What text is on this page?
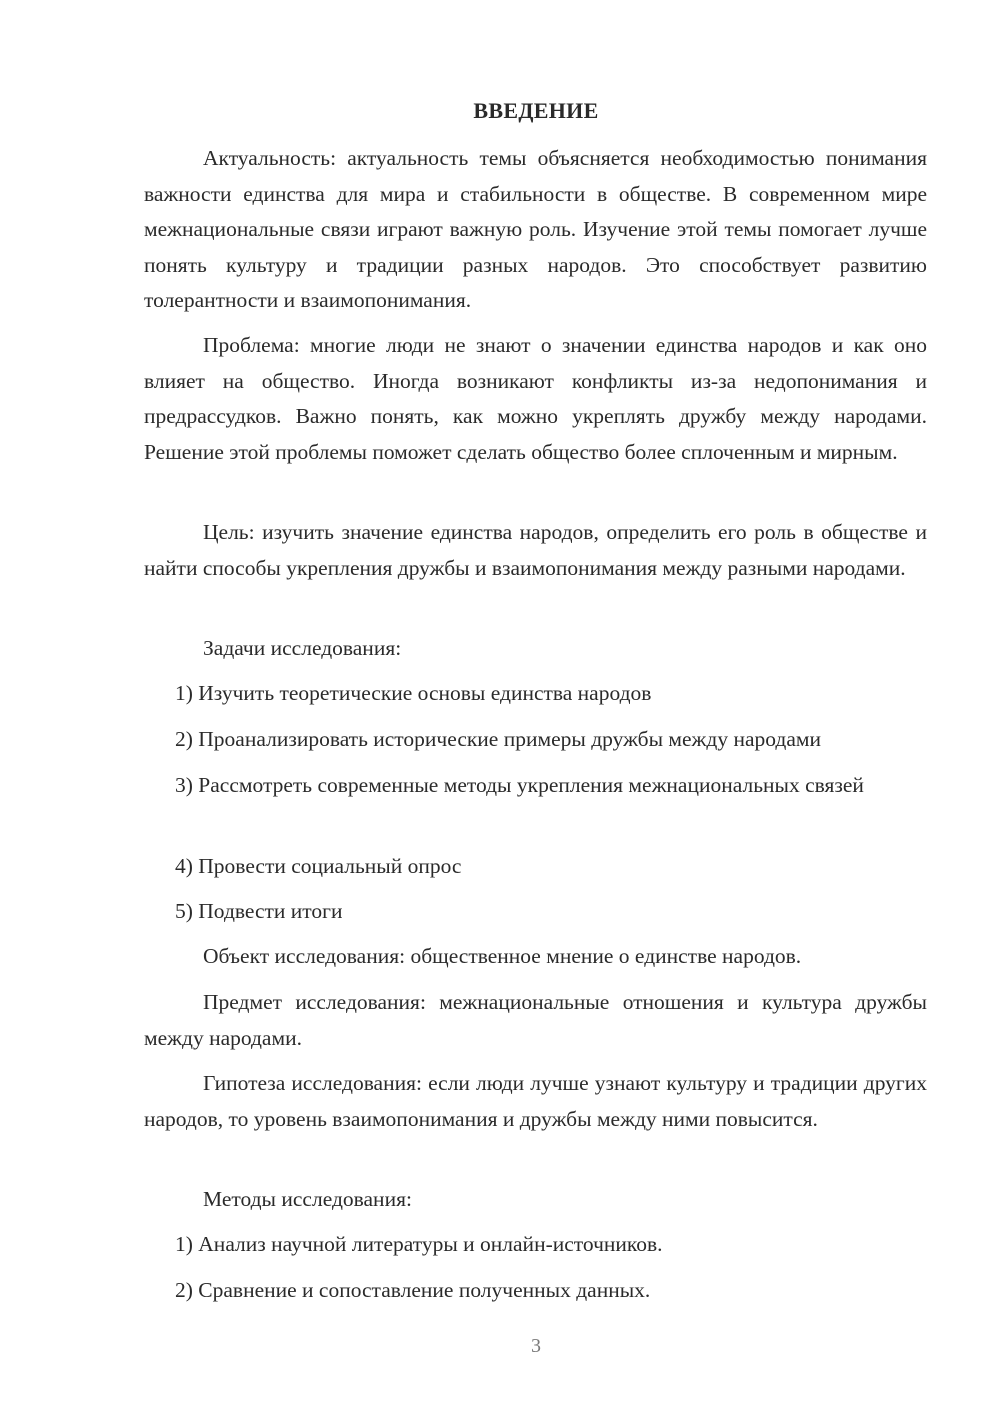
ВВЕДЕНИЕ

Актуальность: актуальность темы объясняется необходимостью понимания важности единства для мира и стабильности в обществе. В современном мире межнациональные связи играют важную роль. Изучение этой темы помогает лучше понять культуру и традиции разных народов. Это способствует развитию толерантности и взаимопонимания.

Проблема: многие люди не знают о значении единства народов и как оно влияет на общество. Иногда возникают конфликты из-за недопонимания и предрассудков. Важно понять, как можно укреплять дружбу между народами. Решение этой проблемы поможет сделать общество более сплоченным и мирным.

Цель: изучить значение единства народов, определить его роль в обществе и найти способы укрепления дружбы и взаимопонимания между разными народами.

Задачи исследования:

1) Изучить теоретические основы единства народов

2) Проанализировать исторические примеры дружбы между народами

3) Рассмотреть современные методы укрепления межнациональных связей

4) Провести социальный опрос

5) Подвести итоги

Объект исследования: общественное мнение о единстве народов.

Предмет исследования: межнациональные отношения и культура дружбы между народами.

Гипотеза исследования: если люди лучше узнают культуру и традиции других народов, то уровень взаимопонимания и дружбы между ними повысится.

Методы исследования:

1) Анализ научной литературы и онлайн-источников.

2) Сравнение и сопоставление полученных данных.

3
